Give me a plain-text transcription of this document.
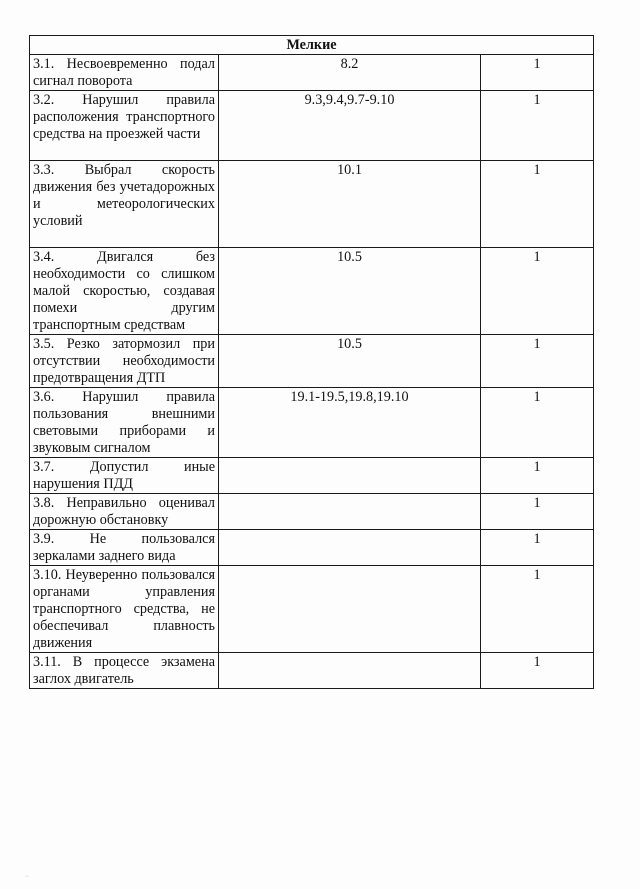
Мелкие		
3.1. Несвоевременно подал сигнал поворота	8.2	1
3.2. Нарушил правила расположения транспортного средства на проезжей части	9.3,9.4,9.7-9.10	1
3.3. Выбрал скорость движения без учетадорожных и метеорологических условий	10.1	1
3.4. Двигался без необходимости со слишком малой скоростью, создавая помехи другим транспортным средствам	10.5	1
3.5. Резко затормозил при отсутствии необходимости предотвращения ДТП	10.5	1
3.6. Нарушил правила пользования внешними световыми приборами и звуковым сигналом	19.1-19.5,19.8,19.10	1
3.7. Допустил иные нарушения ПДД		1
3.8. Неправильно оценивал дорожную обстановку		1
3.9. Не пользовался зеркалами заднего вида		1
3.10. Неуверенно пользовался органами управления транспортного средства, не обеспечивал плавность движения		1
3.11. В процессе экзамена заглох двигатель		1
··
